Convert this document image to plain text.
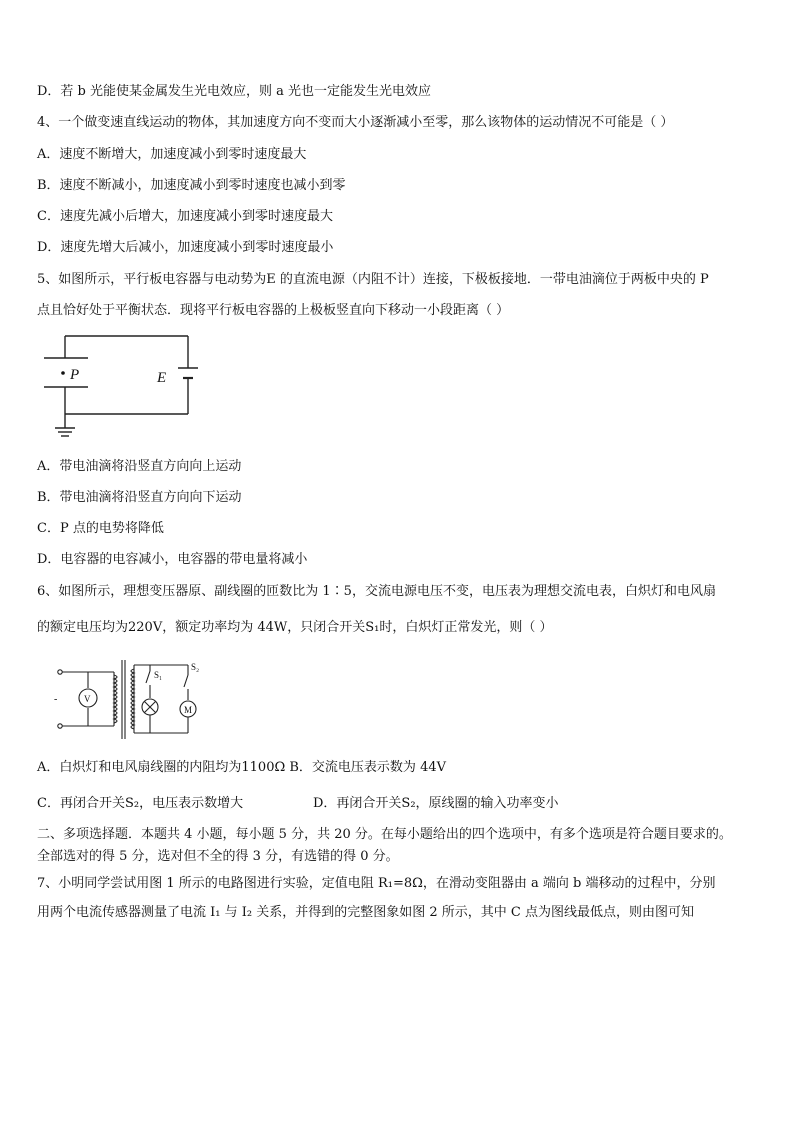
D．若 b 光能使某金属发生光电效应，则 a 光也一定能发生光电效应
4、一个做变速直线运动的物体，其加速度方向不变而大小逐渐减小至零，那么该物体的运动情况不可能是（ ）
A．速度不断增大，加速度减小到零时速度最大
B．速度不断减小，加速度减小到零时速度也减小到零
C．速度先减小后增大，加速度减小到零时速度最大
D．速度先增大后减小，加速度减小到零时速度最小
5、如图所示，平行板电容器与电动势为E 的直流电源（内阻不计）连接，下极板接地．一带电油滴位于两板中央的 P
点且恰好处于平衡状态．现将平行板电容器的上极板竖直向下移动一小段距离（ ）
P	E
A．带电油滴将沿竖直方向向上运动
B．带电油滴将沿竖直方向向下运动
C．P 点的电势将降低
D．电容器的电容减小，电容器的带电量将减小
6、如图所示，理想变压器原、副线圈的匝数比为 1∶5，交流电源电压不变，电压表为理想交流电表，白炽灯和电风扇
的额定电压均为220V，额定功率均为 44W，只闭合开关S₁时，白炽灯正常发光，则（ ）
V
M
S₁
S₂
-
A．白炽灯和电风扇线圈的内阻均为1100Ω B．交流电压表示数为 44V
C．再闭合开关S₂，电压表示数增大	D．再闭合开关S₂，原线圈的输入功率变小
二、多项选择题．本题共 4 小题，每小题 5 分，共 20 分。在每小题给出的四个选项中，有多个选项是符合题目要求的。
全部选对的得 5 分，选对但不全的得 3 分，有选错的得 0 分。
7、小明同学尝试用图 1 所示的电路图进行实验，定值电阻 R₁=8Ω，在滑动变阻器由 a 端向 b 端移动的过程中，分别
用两个电流传感器测量了电流 I₁ 与 I₂ 关系，并得到的完整图象如图 2 所示，其中 C 点为图线最低点，则由图可知
